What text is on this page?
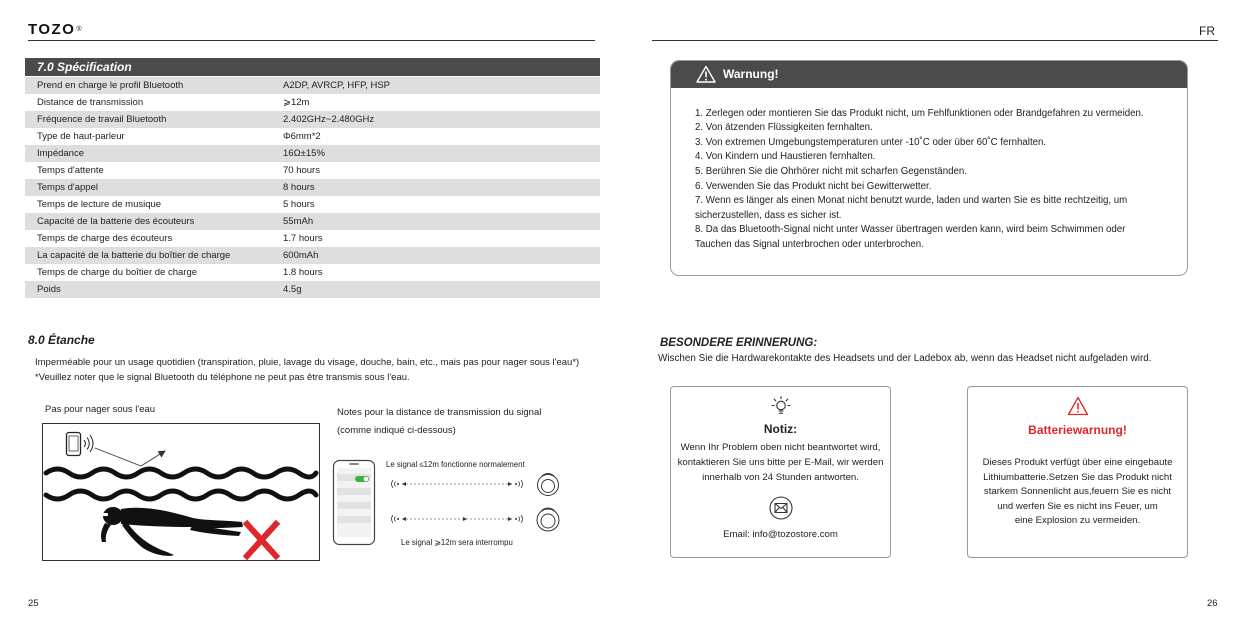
TOZO®
7.0 Spécification
Prend en charge le profil Bluetooth	A2DP, AVRCP, HFP, HSP
Distance de transmission	⩾12m
Fréquence de travail Bluetooth	2.402GHz~2.480GHz
Type de haut-parleur	Φ6mm*2
Impédance	16Ω±15%
Temps d'attente	70 hours
Temps d'appel	8 hours
Temps de lecture de musique	5 hours
Capacité de la batterie des écouteurs	55mAh
Temps de charge des écouteurs	1.7 hours
La capacité de la batterie du boîtier de charge	600mAh
Temps de charge du boîtier de charge	1.8 hours
Poids	4.5g
8.0 Étanche
Imperméable pour un usage quotidien (transpiration, pluie, lavage du visage, douche, bain, etc., mais pas pour nager sous l'eau*)
*Veuillez noter que le signal Bluetooth du téléphone ne peut pas être transmis sous l'eau.
Pas pour nager sous l'eau	Notes pour la distance de transmission du signal
(comme indiqué ci-dessous)
Le signal ≤12m fonctionne normalement
Le signal ⩾12m sera interrompu
25
FR
Warnung!
1. Zerlegen oder montieren Sie das Produkt nicht, um Fehlfunktionen oder Brandgefahren zu vermeiden.
2. Von ätzenden Flüssigkeiten fernhalten.
3. Von extremen Umgebungstemperaturen unter -10˚C oder über 60˚C fernhalten.
4. Von Kindern und Haustieren fernhalten.
5. Berühren Sie die Ohrhörer nicht mit scharfen Gegenständen.
6. Verwenden Sie das Produkt nicht bei Gewitterwetter.
7. Wenn es länger als einen Monat nicht benutzt wurde, laden und warten Sie es bitte rechtzeitig, um
sicherzustellen, dass es sicher ist.
8. Da das Bluetooth-Signal nicht unter Wasser übertragen werden kann, wird beim Schwimmen oder
Tauchen das Signal unterbrochen oder unterbrochen.
BESONDERE ERINNERUNG:
Wischen Sie die Hardwarekontakte des Headsets und der Ladebox ab, wenn das Headset nicht aufgeladen wird.
Notiz:
Wenn Ihr Problem oben nicht beantwortet wird,
kontaktieren Sie uns bitte per E-Mail, wir werden
innerhalb von 24 Stunden antworten.
Email: info@tozostore.com
Batteriewarnung!
Dieses Produkt verfügt über eine eingebaute
Lithiumbatterie.Setzen Sie das Produkt nicht
starkem Sonnenlicht aus,feuern Sie es nicht
und werfen Sie es nicht ins Feuer, um
eine Explosion zu vermeiden.
26
